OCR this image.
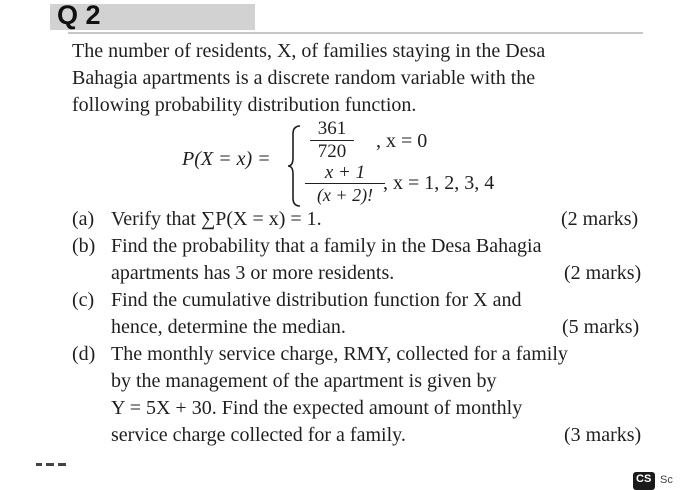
Q 2
The number of residents, X, of families staying in the Desa
Bahagia apartments is a discrete random variable with the
following probability distribution function.
P(X = x) =
361
720	, x = 0
x + 1
(x + 2)!
, x = 1, 2, 3, 4
(a) Verify that ∑P(X = x) = 1.	(2 marks)
(b) Find the probability that a family in the Desa Bahagia
apartments has 3 or more residents.	(2 marks)
(c) Find the cumulative distribution function for X and
hence, determine the median.	(5 marks)
(d) The monthly service charge, RMY, collected for a family
by the management of the apartment is given by
Y = 5X + 30. Find the expected amount of monthly
service charge collected for a family.	(3 marks)
CS Sc
